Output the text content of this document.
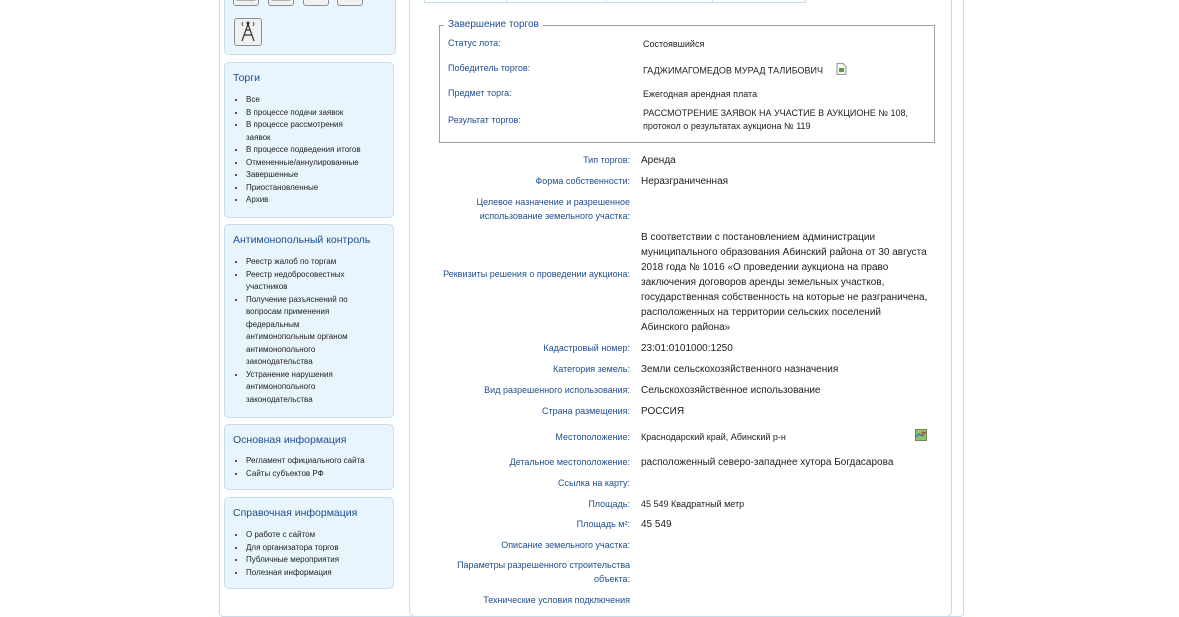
Торги
• Все
• В процессе подачи заявок
• В процессе рассмотрения заявок
• В процессе подведения итогов
• Отмененные/аннулированные
• Завершенные
• Приостановленные
• Архив
Антимонопольный контроль
• Реестр жалоб по торгам
• Реестр недобросовестных участников
• Получение разъяснений по вопросам применения федеральным антимонопольным органом антимонопольного законодательства
• Устранение нарушения антимонопольного законодательства
Основная информация
• Регламент официального сайта
• Сайты субъектов РФ
Справочная информация
• О работе с сайтом
• Для организатора торгов
• Публичные мероприятия
• Полезная информация
Завершение торгов
Статус лота:	Состоявшийся
Победитель торгов:	ГАДЖИМАГОМЕДОВ МУРАД ТАЛИБОВИЧ
Предмет торга:	Ежегодная арендная плата
Результат торгов:
РАССМОТРЕНИЕ ЗАЯВОК НА УЧАСТИЕ В АУКЦИОНЕ № 108, протокол о результатах аукциона № 119
Тип торгов: Аренда
Форма собственности: Неразграниченная
Целевое назначение и разрешенное использование земельного участка:
Реквизиты решения о проведении аукциона:
В соответствии с постановлением администрации муниципального образования Абинский района от 30 августа 2018 года № 1016 «О проведении аукциона на право заключения договоров аренды земельных участков, государственная собственность на которые не разграничена, расположенных на территории сельских поселений Абинского района»
Кадастровый номер: 23:01:0101000:1250
Категория земель: Земли сельскохозяйственного назначения
Вид разрешенного использования: Сельскохозяйственное использование
Страна размещения: РОССИЯ
Местоположение: Краснодарский край, Абинский р-н
Детальное местоположение: расположенный северо-западнее хутора Богдасарова
Ссылка на карту:
Площадь: 45 549 Квадратный метр
Площадь м²: 45 549
Описание земельного участка:
Параметры разрешенного строительства объекта:
Технические условия подключения
